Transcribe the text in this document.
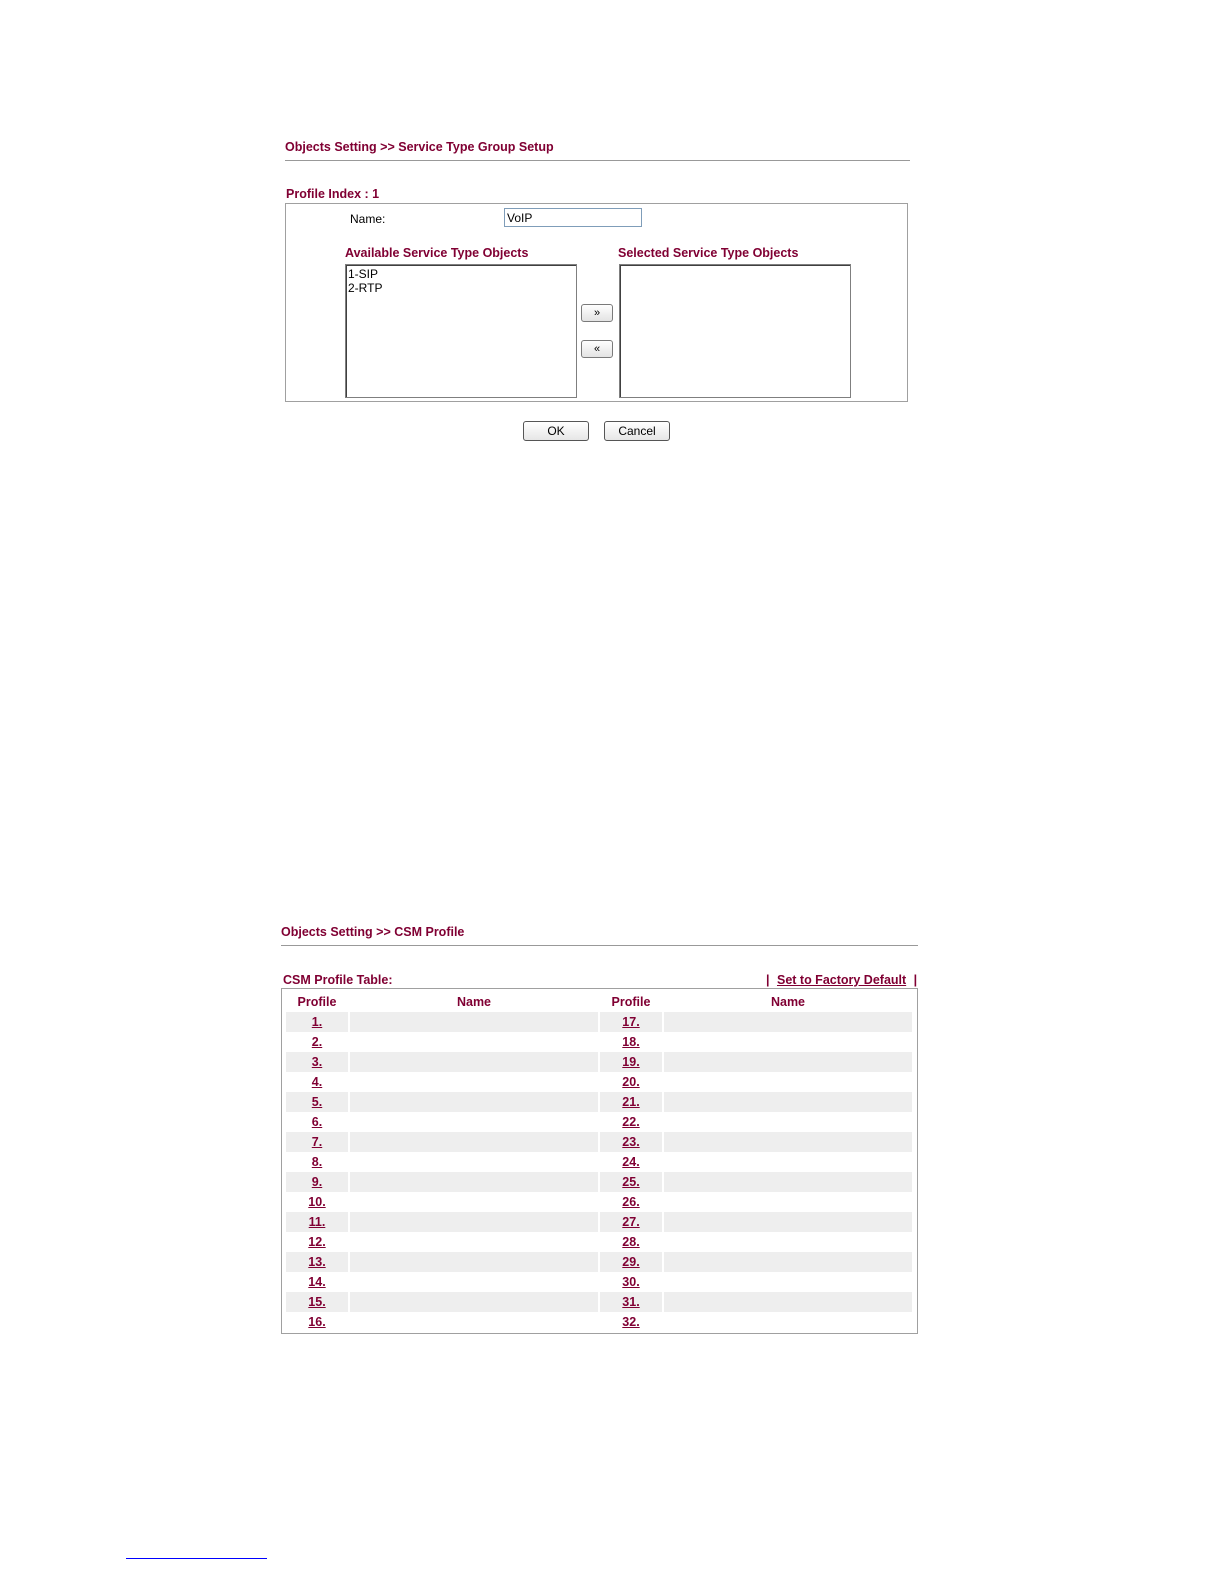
Objects Setting >> Service Type Group Setup
Profile Index : 1
Name:
VoIP
Available Service Type Objects	Selected Service Type Objects
1-SIP
2-RTP
»
«
OK	Cancel
Objects Setting >> CSM Profile
CSM Profile Table:	| Set to Factory Default |
Profile	Name	Profile	Name
1.		17.	
2.		18.	
3.		19.	
4.		20.	
5.		21.	
6.		22.	
7.		23.	
8.		24.	
9.		25.	
10.		26.	
11.		27.	
12.		28.	
13.		29.	
14.		30.	
15.		31.	
16.		32.	
